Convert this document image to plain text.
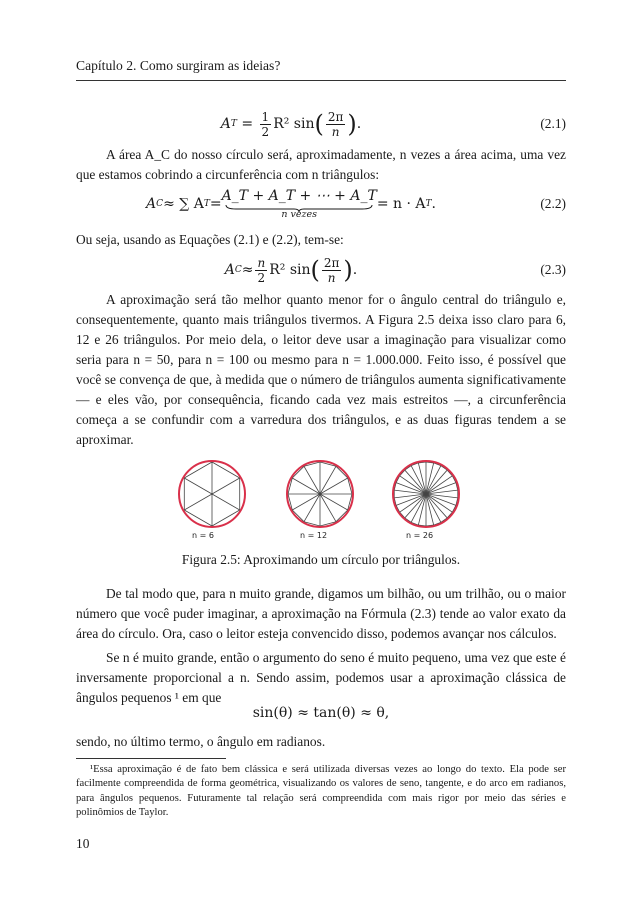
Capítulo 2. Como surgiram as ideias?
A $T = \frac{1}{2} R^2$ sin ( $\frac{2\pi}{n}$ ) .	(2.1)

A área A_C do nosso círculo será, aproximadamente, n vezes a área acima, uma vez que estamos cobrindo a circunferência com n triângulos:

A C ≈ ∑ A T = A_T + A_T + ⋯ + A_T
n vezes
= n · A T .	(2.2)

Ou seja, usando as Equações (2.1) e (2.2), tem-se:

A $C \approx \frac{n}{2} R^2$ sin ( $\frac{2\pi}{n}$ ) .	(2.3)

A aproximação será tão melhor quanto menor for o ângulo central do triângulo e, consequentemente, quanto mais triângulos tivermos. A Figura 2.5 deixa isso claro para 6, 12 e 26 triângulos. Por meio dela, o leitor deve usar a imaginação para visualizar como seria para n = 50, para n = 100 ou mesmo para n = 1.000.000. Feito isso, é possível que você se convença de que, à medida que o número de triângulos aumenta significativamente — e eles vão, por consequência, ficando cada vez mais estreitos —, a circunferência começa a se confundir com a varredura dos triângulos, e as duas figuras tendem a se aproximar.

n = 6	n = 12	n = 26
Figura 2.5: Aproximando um círculo por triângulos.

De tal modo que, para n muito grande, digamos um bilhão, ou um trilhão, ou o maior número que você puder imaginar, a aproximação na Fórmula (2.3) tende ao valor exato da área do círculo. Ora, caso o leitor esteja convencido disso, podemos avançar nos cálculos.

Se n é muito grande, então o argumento do seno é muito pequeno, uma vez que este é inversamente proporcional a n. Sendo assim, podemos usar a aproximação clássica de ângulos pequenos ¹ em que

sin(θ) ≈ tan(θ) ≈ θ,

sendo, no último termo, o ângulo em radianos.

¹Essa aproximação é de fato bem clássica e será utilizada diversas vezes ao longo do texto. Ela pode ser facilmente compreendida de forma geométrica, visualizando os valores de seno, tangente, e do arco em radianos, para ângulos pequenos. Futuramente tal relação será compreendida com mais rigor por meio das séries e polinômios de Taylor.

10
